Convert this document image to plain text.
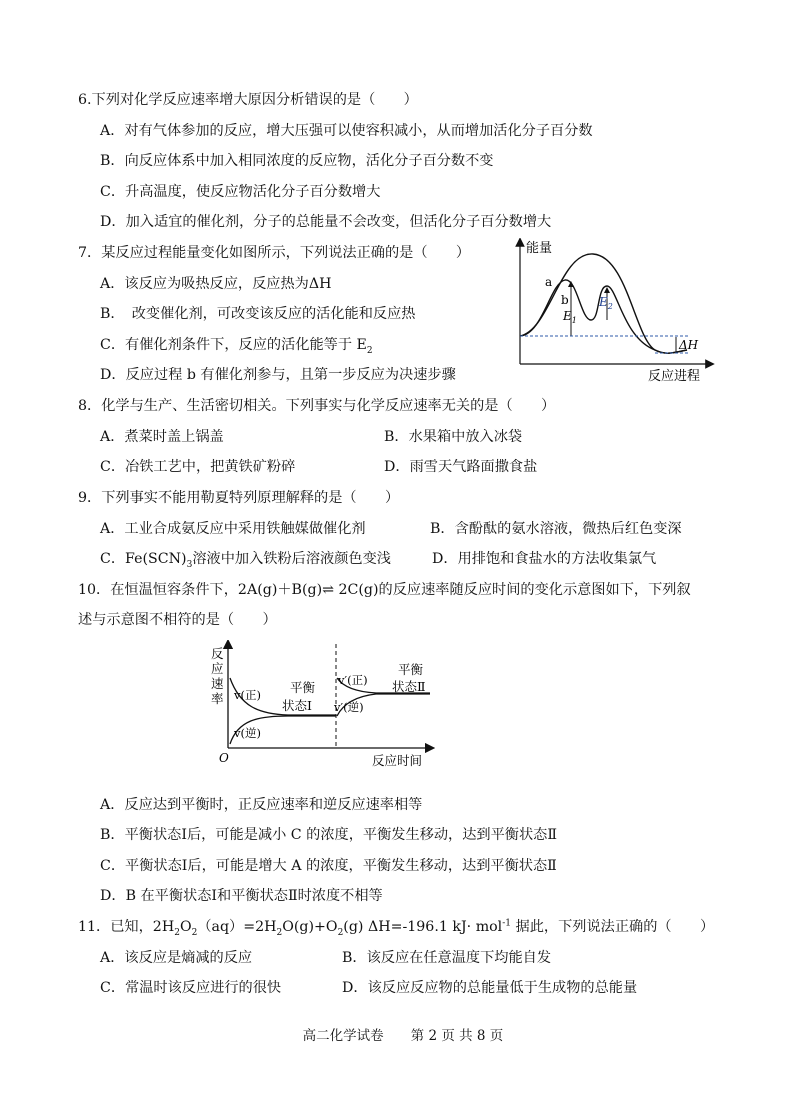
6.下列对化学反应速率增大原因分析错误的是（　　）
A．对有气体参加的反应，增大压强可以使容积减小，从而增加活化分子百分数
B．向反应体系中加入相同浓度的反应物，活化分子百分数不变
C．升高温度，使反应物活化分子百分数增大
D．加入适宜的催化剂，分子的总能量不会改变，但活化分子百分数增大
7．某反应过程能量变化如图所示，下列说法正确的是（　　）
A．该反应为吸热反应，反应热为ΔH
B．　改变催化剂，可改变该反应的活化能和反应热
C．有催化剂条件下，反应的活化能等于 $E_2$
D．反应过程 b 有催化剂参与，且第一步反应为决速步骤
能量
反应进程
a
b
$E_1$
$E_2$
ΔH
8．化学与生产、生活密切相关。下列事实与化学反应速率无关的是（　　）
A．煮菜时盖上锅盖	B．水果箱中放入冰袋
C．冶铁工艺中，把黄铁矿粉碎	D．雨雪天气路面撒食盐
9．下列事实不能用勒夏特列原理解释的是（　　）
A．工业合成氨反应中采用铁触媒做催化剂	B．含酚酞的氨水溶液，微热后红色变深
C．$Fe(SCN)_3$溶液中加入铁粉后溶液颜色变浅	D．用排饱和食盐水的方法收集氯气
10．在恒温恒容条件下，2A(g)＋B(g)⇌ 2C(g)的反应速率随反应时间的变化示意图如下，下列叙
述与示意图不相符的是（　　）
反
应
速
率
O	反应时间
v(正)
v(逆)
v′(正)
v′(逆)
平衡
状态Ⅰ
平衡
状态Ⅱ
A．反应达到平衡时，正反应速率和逆反应速率相等
B．平衡状态Ⅰ后，可能是减小 C 的浓度，平衡发生移动，达到平衡状态Ⅱ
C．平衡状态Ⅰ后，可能是增大 A 的浓度，平衡发生移动，达到平衡状态Ⅱ
D．B 在平衡状态Ⅰ和平衡状态Ⅱ时浓度不相等
11．已知，$2H_2O_2(aq)=2H_2O(g)+O_2(g)$ ΔH=-196.1 kJ· mol$^{-1}$ 据此，下列说法正确的（　　）
A．该反应是熵减的反应	B．该反应在任意温度下均能自发
C．常温时该反应进行的很快	D．该反应反应物的总能量低于生成物的总能量
高二化学试卷　　第 2 页 共 8 页
